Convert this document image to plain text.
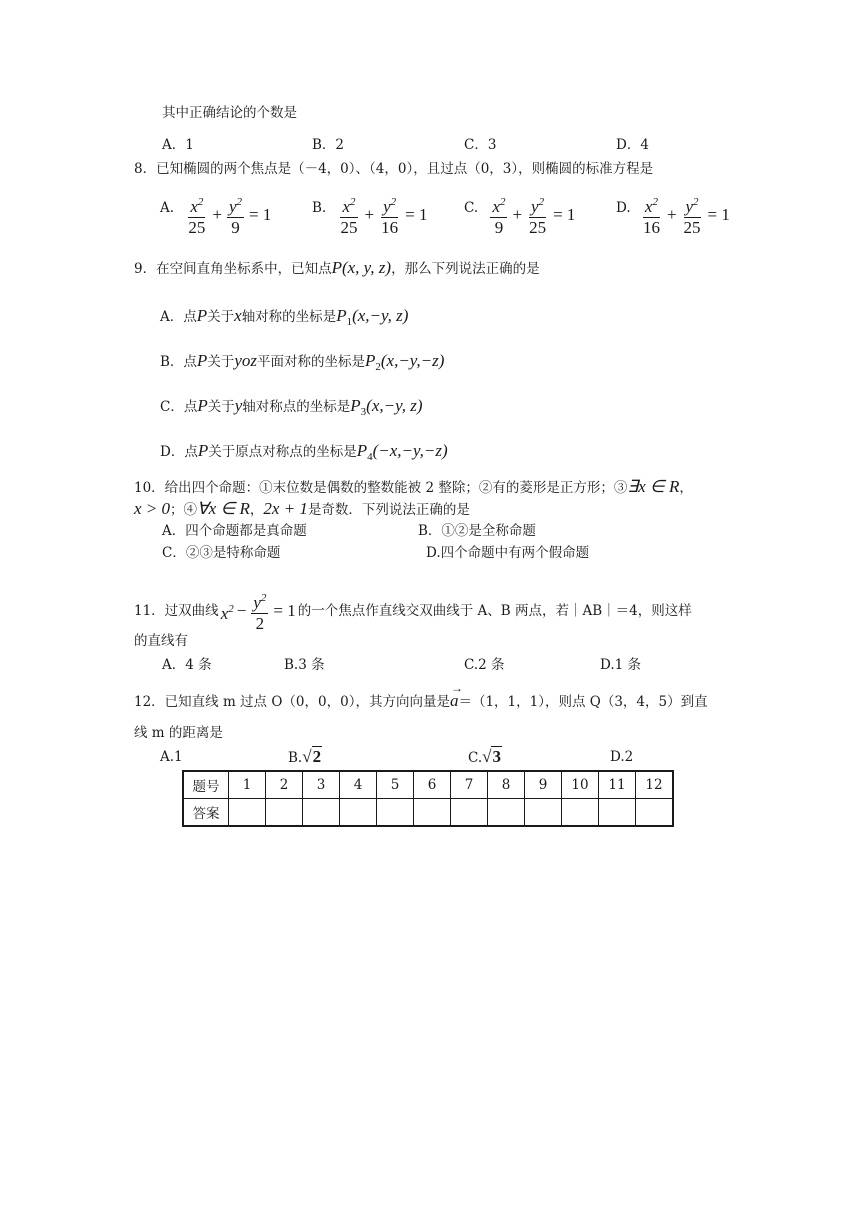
其中正确结论的个数是
A．1	B．2	C．3	D．4
8．已知椭圆的两个焦点是（－4，0）、（4，0），且过点（0，3），则椭圆的标准方程是
A. $\frac{x^2}{25} + \frac{y^2}{9} = 1$	B. $\frac{x^2}{25} + \frac{y^2}{16} = 1$	C. $\frac{x^2}{9} + \frac{y^2}{25} = 1$	D. $\frac{x^2}{16} + \frac{y^2}{25} = 1$
9．在空间直角坐标系中，已知点P(x, y, z)，那么下列说法正确的是
A．点P关于x轴对称的坐标是$P_1(x,-y$, z)
B．点P关于yoz平面对称的坐标是$P_2(x,-y,-z)$
C．点P关于y轴对称点的坐标是$P_3(x,-y$, z)
D．点P关于原点对称点的坐标是$P_4(-x,-y,-z)$
10．给出四个命题：①末位数是偶数的整数能被 2 整除；②有的菱形是正方形；③∃x ∈ R，
x > 0；④∀x ∈ R，2x + 1是奇数．下列说法正确的是
A．四个命题都是真命题	B．①②是全称命题
C．②③是特称命题	D.四个命题中有两个假命题
11．过双曲线 $x^2 - \frac{y^2}{2} = 1$ 的一个焦点作直线交双曲线于 A、B 两点，若｜AB｜＝4，则这样
的直线有
A．4 条	B.3 条	C.2 条	D.1 条
12．已知直线 m 过点 O（0，0，0），其方向向量是
→
a＝（1，1，1），则点 Q（3，4，5）到直
线 m 的距离是
A.1	B.√2	C.√3	D.2
题号	1	2	3	4	5	6	7	8	9	10	11	12
答案												
